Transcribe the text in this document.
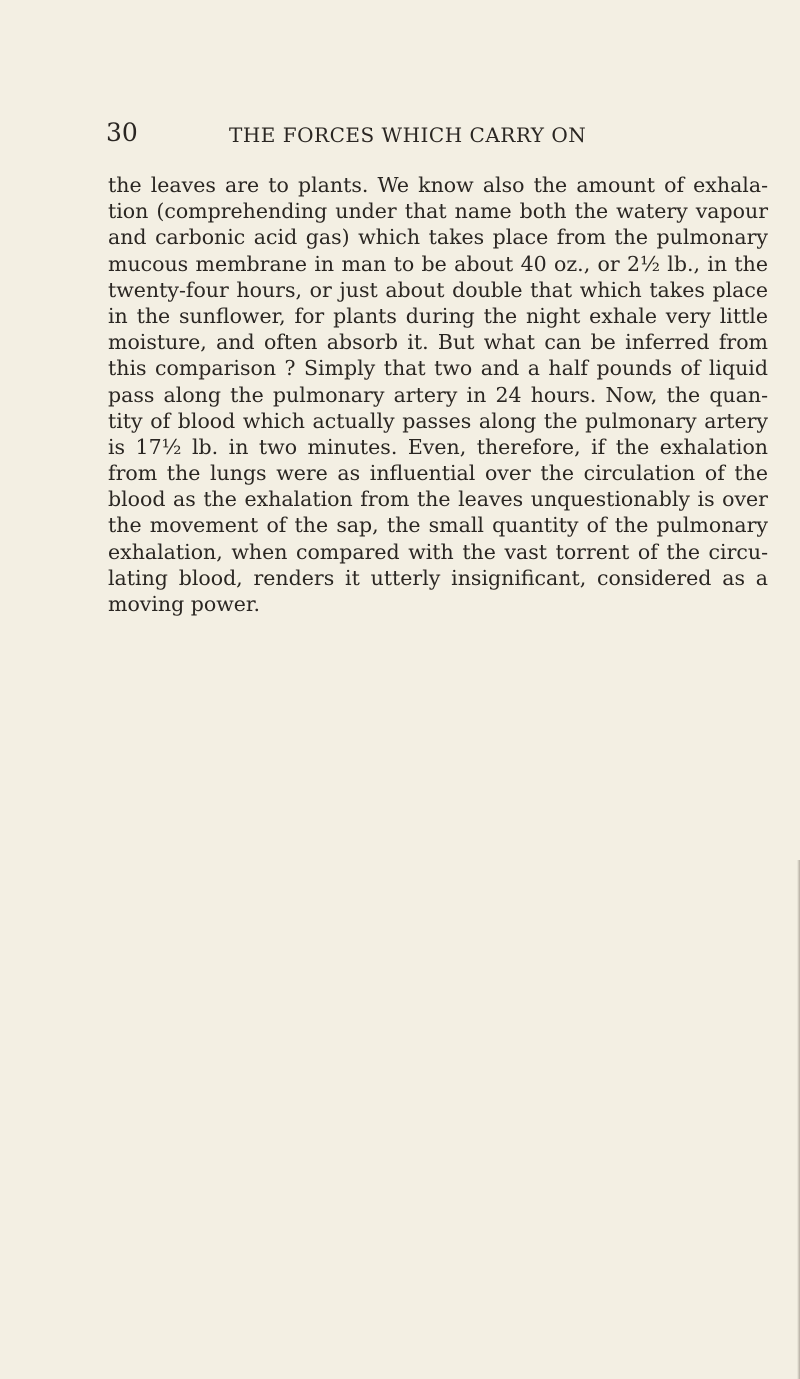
30	THE FORCES WHICH CARRY ON
the leaves are to plants. We know also the amount of exhala-
tion (comprehending under that name both the watery vapour
and carbonic acid gas) which takes place from the pulmonary
mucous membrane in man to be about 40 oz., or 2½ lb., in the
twenty-four hours, or just about double that which takes place
in the sunflower, for plants during the night exhale very little
moisture, and often absorb it. But what can be inferred from
this comparison ? Simply that two and a half pounds of liquid
pass along the pulmonary artery in 24 hours. Now, the quan-
tity of blood which actually passes along the pulmonary artery
is 17½ lb. in two minutes. Even, therefore, if the exhalation
from the lungs were as influential over the circulation of the
blood as the exhalation from the leaves unquestionably is over
the movement of the sap, the small quantity of the pulmonary
exhalation, when compared with the vast torrent of the circu-
lating blood, renders it utterly insignificant, considered as a
moving power.
